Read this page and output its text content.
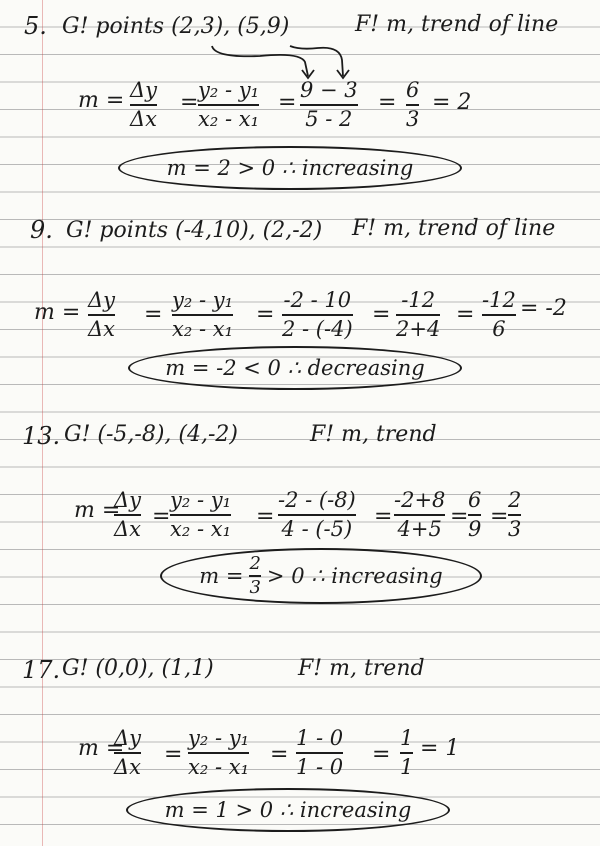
5. G! points (2,3), (5,9)	F! m, trend of line
m = Δy
Δx
= y₂ - y₁
x₂ - x₁
= 9 − 3
5 - 2
= 6
3
= 2
m = 2 > 0 ∴ increasing
9. G! points (-4,10), (2,-2) F! m, trend of line
m = Δy
Δx
=
y₂ - y₁
x₂ - x₁
=
-2 - 10
2 - (-4)
=
-12
2+4
=
-12
6
= -2
m = -2 < 0 ∴ decreasing
13. G! (-5,-8), (4,-2)	F! m, trend
m =
Δy
Δx =
y₂ - y₁
x₂ - x₁ =
-2 - (-8)
4 - (-5) =
-2+8
4+5 =
6
9 =
2
3
m =
2
3 > 0 ∴ increasing
17. G! (0,0), (1,1)	F! m, trend
m =
Δy
Δx =
y₂ - y₁
x₂ - x₁ =
1 - 0
1 - 0 =
1
1
= 1
m = 1 > 0 ∴ increasing
